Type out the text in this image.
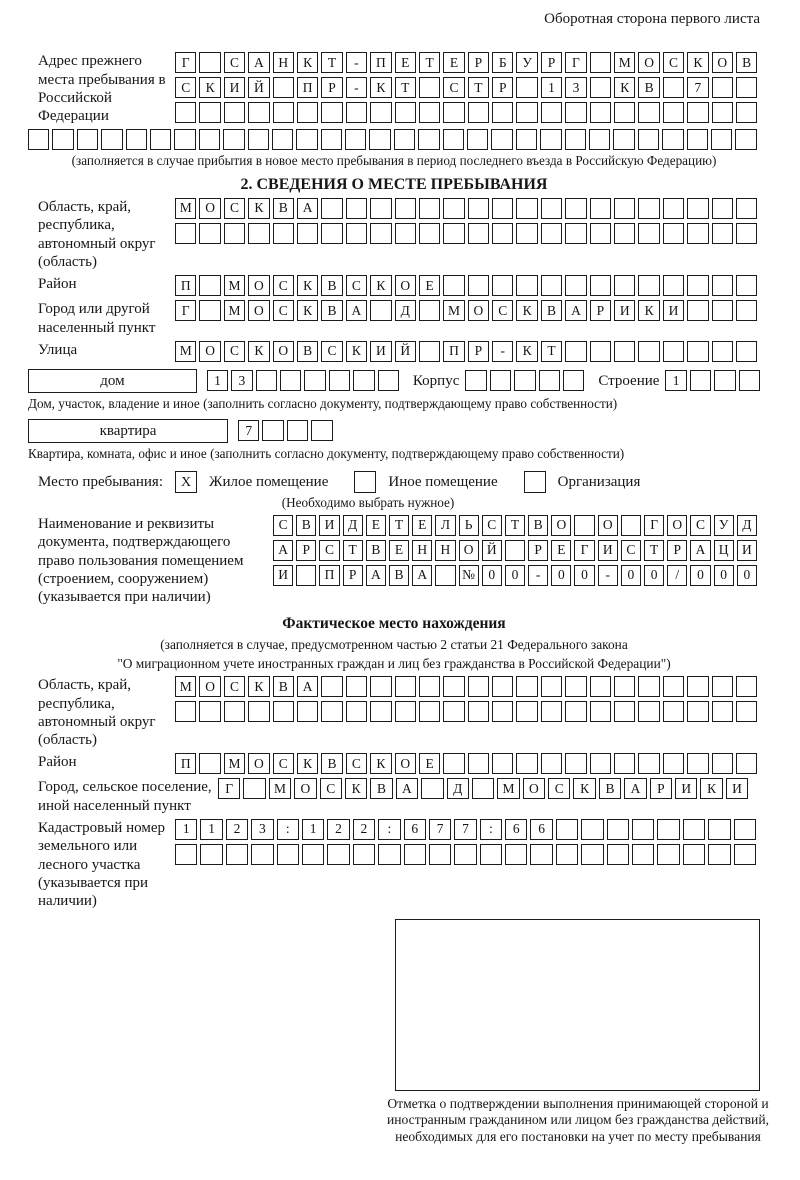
Оборотная сторона первого листа
Адрес прежнего места пребывания в Российской Федерации
Г	С	А	Н	К	Т	-	П	Е	Т	Е	Р	Б	У	Р	Г	М	О	С	К	О	В
С	К	И	Й	П	Р	-	К	Т	С	Т	Р	1	3	К	В	7
(заполняется в случае прибытия в новое место пребывания в период последнего въезда в Российскую Федерацию)
2. СВЕДЕНИЯ О МЕСТЕ ПРЕБЫВАНИЯ
Область, край, республика, автономный округ (область)
М	О	С	К	В	А
Район	П	М	О	С	К	В	С	К	О	Е
Город или другой населенный пункт
Г	М	О	С	К	В	А	Д	М	О	С	К	В	А	Р	И	К	И
Улица	М	О	С	К	О	В	С	К	И	Й	П	Р	-	К	Т
дом	1	3	Корпус	Строение 1
Дом, участок, владение и иное (заполнить согласно документу, подтверждающему право собственности)
квартира	7
Квартира, комната, офис и иное (заполнить согласно документу, подтверждающему право собственности)
Место пребывания:	X	Жилое помещение	Иное помещение	Организация
(Необходимо выбрать нужное)
Наименование и реквизиты документа, подтверждающего право пользования помещением (строением, сооружением) (указывается при наличии)
С	В	И	Д	Е	Т	Е	Л	Ь	С	Т	В	О	О	Г	О	С	У	Д
А	Р	С	Т	В	Е	Н Н О Й	Р	Е	Г	И	С	Т	Р	А Ц И
И	П	Р	А	В	А	№ 0	0	-	0	0	-	0	0	/	0	0	0
Фактическое место нахождения
(заполняется в случае, предусмотренном частью 2 статьи 21 Федерального закона
"О миграционном учете иностранных граждан и лиц без гражданства в Российской Федерации")
Область, край, республика, автономный округ (область)
М	О	С	К	В	А
Район	П	М	О	С	К	В	С	К	О	Е
Город, сельское поселение, иной населенный пункт
Г	М	О	С	К	В	А	Д	М	О	С	К	В	А	Р	И	К	И
Кадастровый номер земельного или лесного участка (указывается при наличии)
1	1	2	3	:	1	2	2	:	6	7	7	:	6	6
Отметка о подтверждении выполнения принимающей стороной и иностранным гражданином или лицом без гражданства действий, необходимых для его постановки на учет по месту пребывания
